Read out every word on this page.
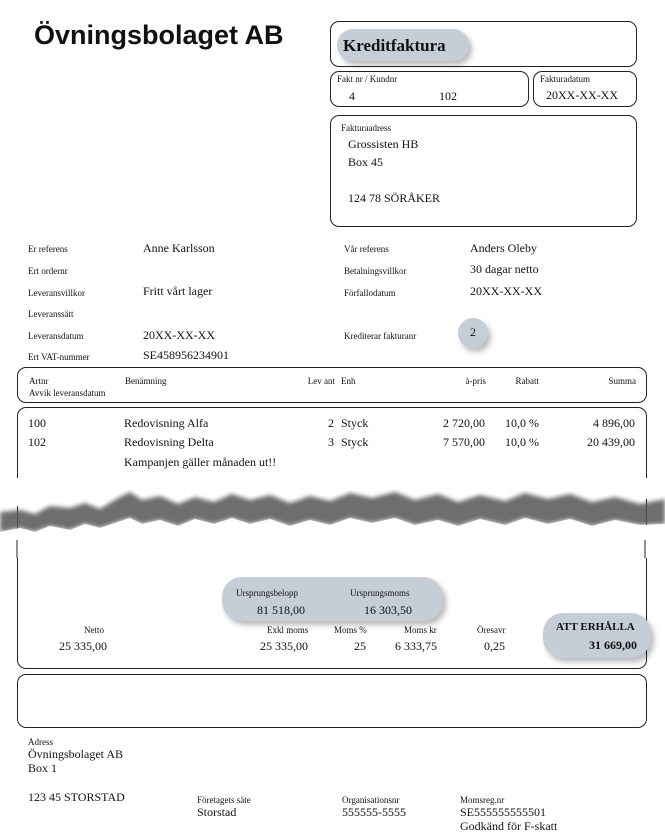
Övningsbolaget AB	Kreditfaktura
Fakt nr / Kundnr
4	102
Fakturadatum
20XX-XX-XX
Fakturaadress
Grossisten HB
Box 45
124 78 SÖRÅKER
Er referens	Anne Karlsson
Ert ordernr
Leveransvillkor	Fritt vårt lager
Leveranssätt
Leveransdatum	20XX-XX-XX
Ert VAT-nummer	SE458956234901
Vår referens	Anders Oleby
Betalningsvillkor	30 dagar netto
Förfallodatum	20XX-XX-XX
Krediterar fakturanr	2
Artnr
Avvik leveransdatum
Benämning	Lev ant Enh	à-pris	Rabatt	Summa
100	Redovisning Alfa	2 Styck	2 720,00 10,0 %	4 896,00
102	Redovisning Delta	3 Styck	7 570,00 10,0 %	20 439,00
Kampanjen gäller månaden ut!!
Ursprungsbelopp
81 518,00
Ursprungsmoms
16 303,50
Netto
25 335,00
Exkl moms
25 335,00
Moms %
25
Moms kr
6 333,75
Öresavr
0,25
ATT ERHÅLLA
31 669,00
Adress
Övningsbolaget AB
Box 1
123 45 STORSTAD	Företagets säte
Storstad
Organisationsnr
555555-5555
Momsreg.nr
SE555555555501
Godkänd för F-skatt
